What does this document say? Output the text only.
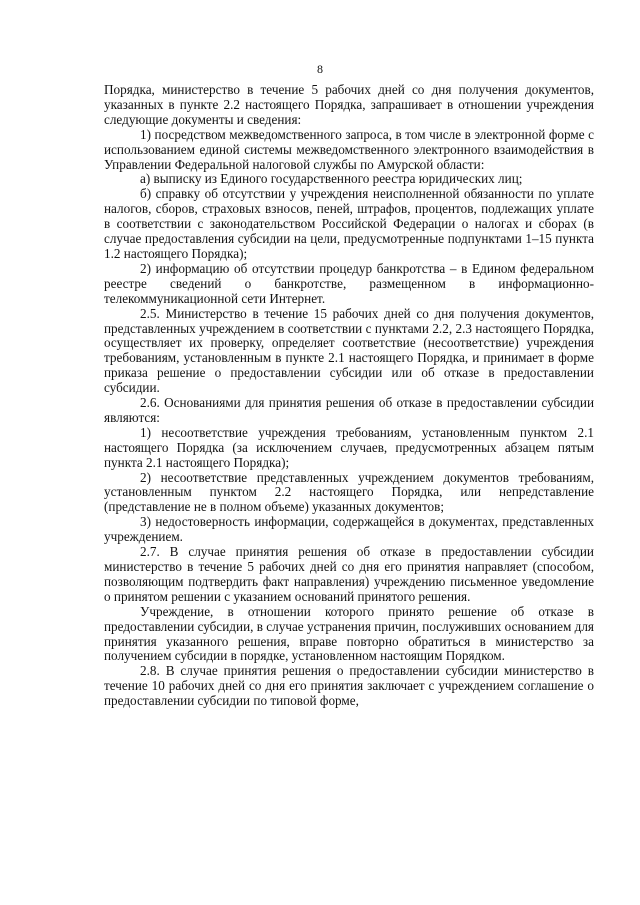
8

Порядка, министерство в течение 5 рабочих дней со дня получения документов, указанных в пункте 2.2 настоящего Порядка, запрашивает в отношении учреждения следующие документы и сведения:

1) посредством межведомственного запроса, в том числе в электронной форме с использованием единой системы межведомственного электронного взаимодействия в Управлении Федеральной налоговой службы по Амурской области:

а) выписку из Единого государственного реестра юридических лиц;

б) справку об отсутствии у учреждения неисполненной обязанности по уплате налогов, сборов, страховых взносов, пеней, штрафов, процентов, подлежащих уплате в соответствии с законодательством Российской Федерации о налогах и сборах (в случае предоставления субсидии на цели, предусмотренные подпунктами 1–15 пункта 1.2 настоящего Порядка);

2) информацию об отсутствии процедур банкротства – в Едином федеральном реестре сведений о банкротстве, размещенном в информационно-телекоммуникационной сети Интернет.

2.5. Министерство в течение 15 рабочих дней со дня получения документов, представленных учреждением в соответствии с пунктами 2.2, 2.3 настоящего Порядка, осуществляет их проверку, определяет соответствие (несоответствие) учреждения требованиям, установленным в пункте 2.1 настоящего Порядка, и принимает в форме приказа решение о предоставлении субсидии или об отказе в предоставлении субсидии.

2.6. Основаниями для принятия решения об отказе в предоставлении субсидии являются:

1) несоответствие учреждения требованиям, установленным пунктом 2.1 настоящего Порядка (за исключением случаев, предусмотренных абзацем пятым пункта 2.1 настоящего Порядка);

2) несоответствие представленных учреждением документов требованиям, установленным пунктом 2.2 настоящего Порядка, или непредставление (представление не в полном объеме) указанных документов;

3) недостоверность информации, содержащейся в документах, представленных учреждением.

2.7. В случае принятия решения об отказе в предоставлении субсидии министерство в течение 5 рабочих дней со дня его принятия направляет (способом, позволяющим подтвердить факт направления) учреждению письменное уведомление о принятом решении с указанием оснований принятого решения.

Учреждение, в отношении которого принято решение об отказе в предоставлении субсидии, в случае устранения причин, послуживших основанием для принятия указанного решения, вправе повторно обратиться в министерство за получением субсидии в порядке, установленном настоящим Порядком.

2.8. В случае принятия решения о предоставлении субсидии министерство в течение 10 рабочих дней со дня его принятия заключает с учреждением соглашение о предоставлении субсидии по типовой форме,
